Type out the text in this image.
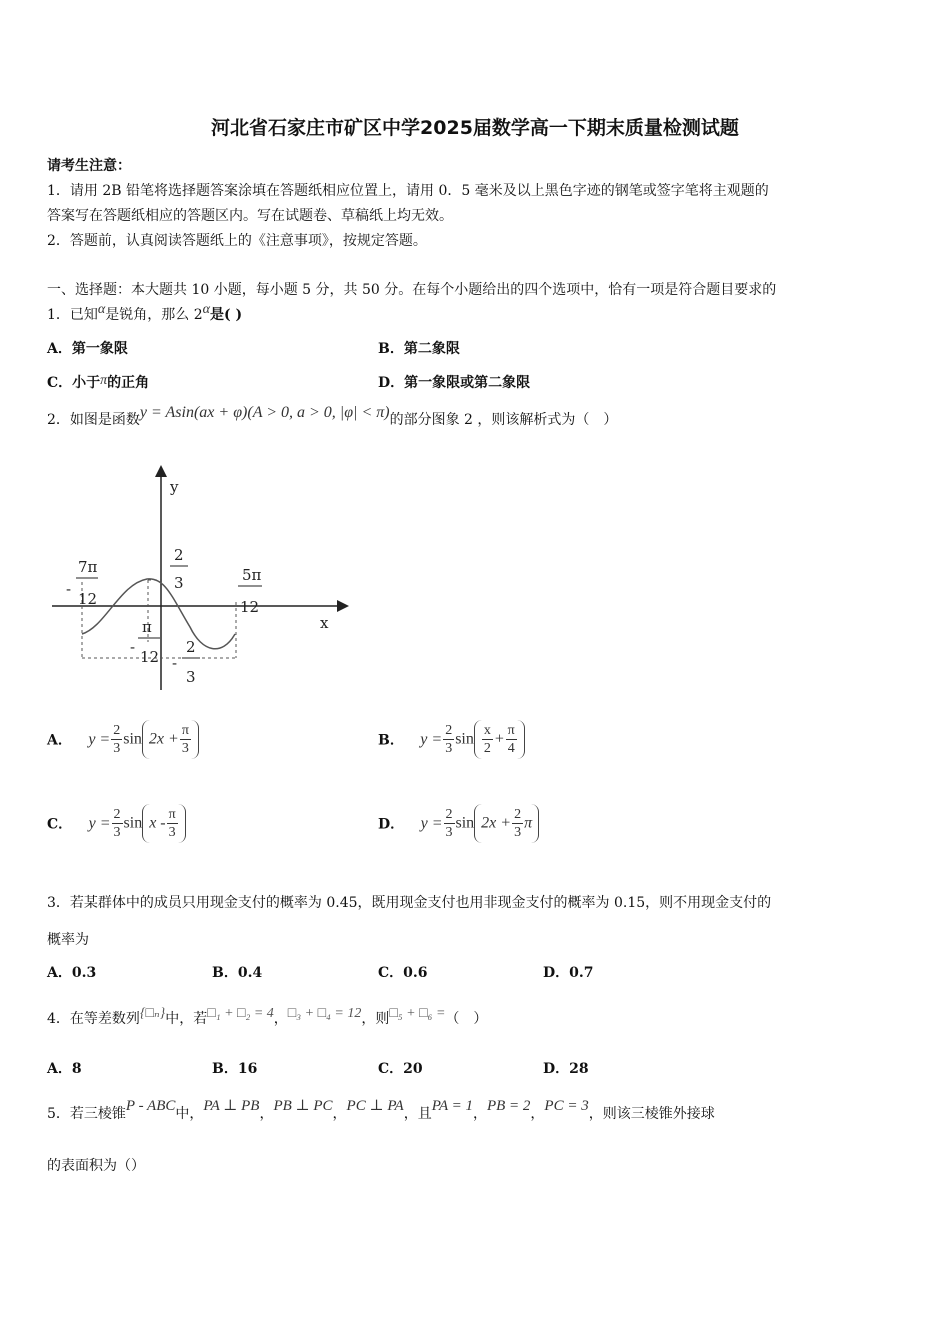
河北省石家庄市矿区中学2025届数学高一下期末质量检测试题
请考生注意：
1．请用 2B 铅笔将选择题答案涂填在答题纸相应位置上，请用 0．5 毫米及以上黑色字迹的钢笔或签字笔将主观题的
答案写在答题纸相应的答题区内。写在试题卷、草稿纸上均无效。
2．答题前，认真阅读答题纸上的《注意事项》，按规定答题。
一、选择题：本大题共 10 小题，每小题 5 分，共 50 分。在每个小题给出的四个选项中，恰有一项是符合题目要求的
1．已知α是锐角，那么 2α是( )
A．第一象限	B．第二象限
C．小于π的正角	D．第一象限或第二象限
2．如图是函数y = Asin(ax + φ)(A > 0, a > 0, |φ| < π)的部分图象 2 ，则该解析式为（　）
y
x
-
7π
12
2
3	5π
12
-
π
12 -
2
3
A． $y = \frac{2}{3}$ $\sin 2x + \frac{\pi}{3}$	B． $y = \frac{2}{3}$ $\sin \frac{x}{2} + \frac{\pi}{4}$
C． $y = \frac{2}{3}$ sin x - $\frac{\pi}{3}$	D． $y = \frac{2}{3}$ $\sin 2x + \frac{2}{3}$ π
3．若某群体中的成员只用现金支付的概率为 0.45，既用现金支付也用非现金支付的概率为 0.15，则不用现金支付的
概率为
A．0.3	B．0.4	C．0.6	D．0.7
4．在等差数列{□ₙ}中，若□₁ + □₂ = 4，□₃ + □₄ = 12，则□₅ + □₆ =（　）
A．8	B．16	C．20	D．28
5．若三棱锥P - ABC中，PA ⊥ PB，PB ⊥ PC，PC ⊥ PA，且PA = 1，PB = 2，PC = 3，则该三棱锥外接球
的表面积为（）
